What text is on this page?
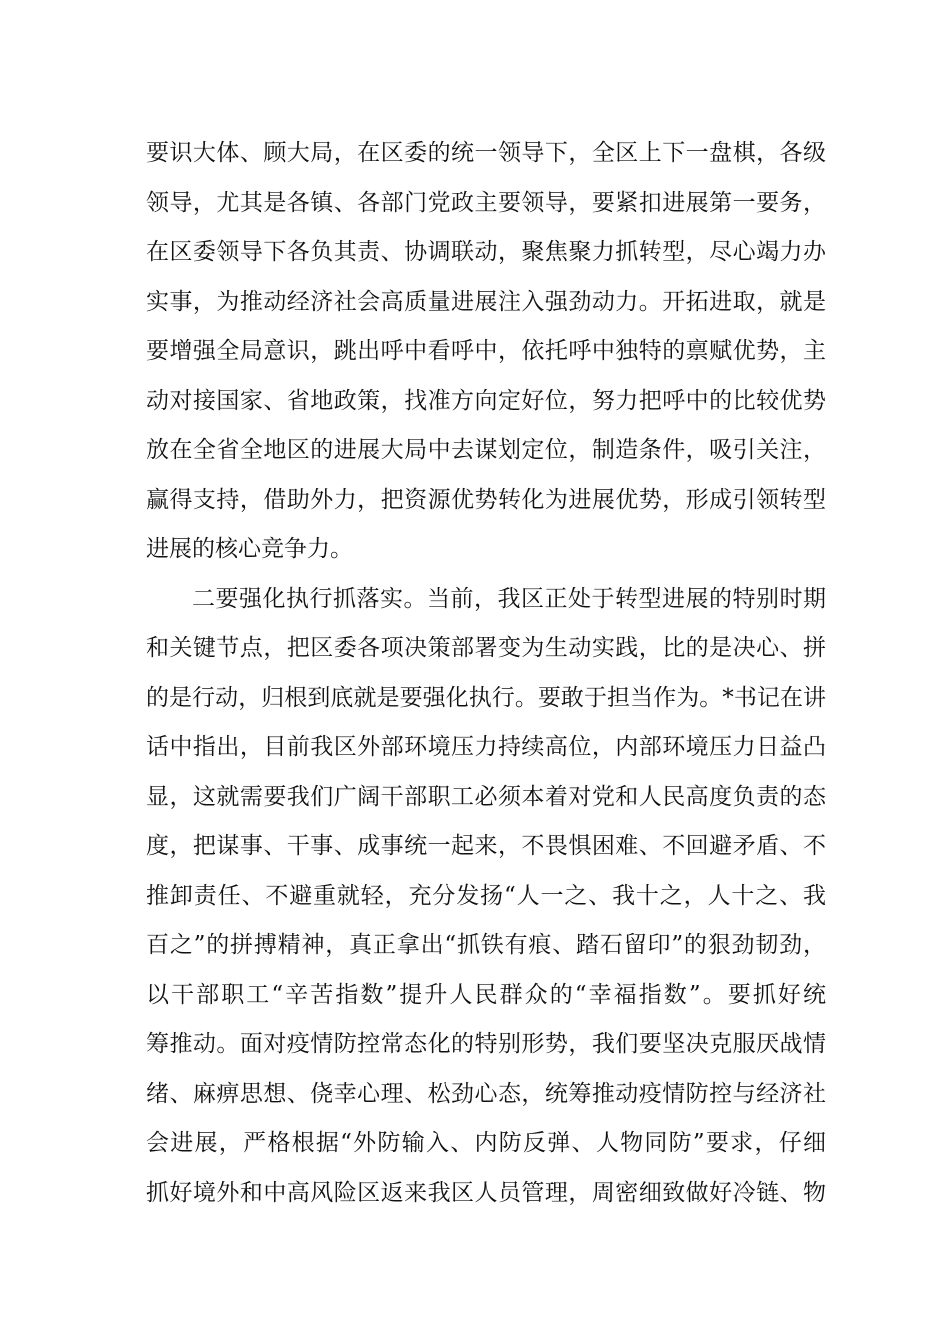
要识大体、顾大局，在区委的统一领导下，全区上下一盘棋，各级
领导，尤其是各镇、各部门党政主要领导，要紧扣进展第一要务，
在区委领导下各负其责、协调联动，聚焦聚力抓转型，尽心竭力办
实事，为推动经济社会高质量进展注入强劲动力。开拓进取，就是
要增强全局意识，跳出呼中看呼中，依托呼中独特的禀赋优势，主
动对接国家、省地政策，找准方向定好位，努力把呼中的比较优势
放在全省全地区的进展大局中去谋划定位，制造条件，吸引关注，
赢得支持，借助外力，把资源优势转化为进展优势，形成引领转型
进展的核心竞争力。
二要强化执行抓落实。当前，我区正处于转型进展的特别时期
和关键节点，把区委各项决策部署变为生动实践，比的是决心、拼
的是行动，归根到底就是要强化执行。要敢于担当作为。*书记在讲
话中指出，目前我区外部环境压力持续高位，内部环境压力日益凸
显，这就需要我们广阔干部职工必须本着对党和人民高度负责的态
度，把谋事、干事、成事统一起来，不畏惧困难、不回避矛盾、不
推卸责任、不避重就轻，充分发扬“人一之、我十之，人十之、我
百之”的拼搏精神，真正拿出“抓铁有痕、踏石留印”的狠劲韧劲，
以干部职工“辛苦指数”提升人民群众的“幸福指数”。要抓好统
筹推动。面对疫情防控常态化的特别形势，我们要坚决克服厌战情
绪、麻痹思想、侥幸心理、松劲心态，统筹推动疫情防控与经济社
会进展，严格根据“外防输入、内防反弹、人物同防”要求，仔细
抓好境外和中高风险区返来我区人员管理，周密细致做好冷链、物
